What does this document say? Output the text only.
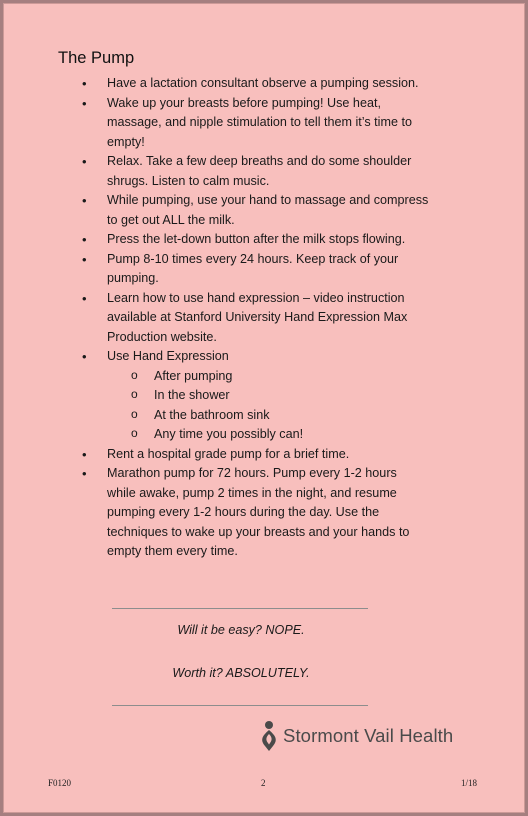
The Pump
• Have a lactation consultant observe a pumping session.
• Wake up your breasts before pumping! Use heat,
massage, and nipple stimulation to tell them it’s time to
empty!
• Relax. Take a few deep breaths and do some shoulder
shrugs. Listen to calm music.
• While pumping, use your hand to massage and compress
to get out ALL the milk.
• Press the let-down button after the milk stops flowing.
• Pump 8-10 times every 24 hours. Keep track of your
pumping.
• Learn how to use hand expression – video instruction
available at Stanford University Hand Expression Max
Production website.
• Use Hand Expression
o After pumping
o In the shower
o At the bathroom sink
o Any time you possibly can!
• Rent a hospital grade pump for a brief time.
• Marathon pump for 72 hours. Pump every 1-2 hours
while awake, pump 2 times in the night, and resume
pumping every 1-2 hours during the day. Use the
techniques to wake up your breasts and your hands to
empty them every time.
Will it be easy? NOPE.
Worth it? ABSOLUTELY.
Stormont Vail Health
F0120	2	1/18
